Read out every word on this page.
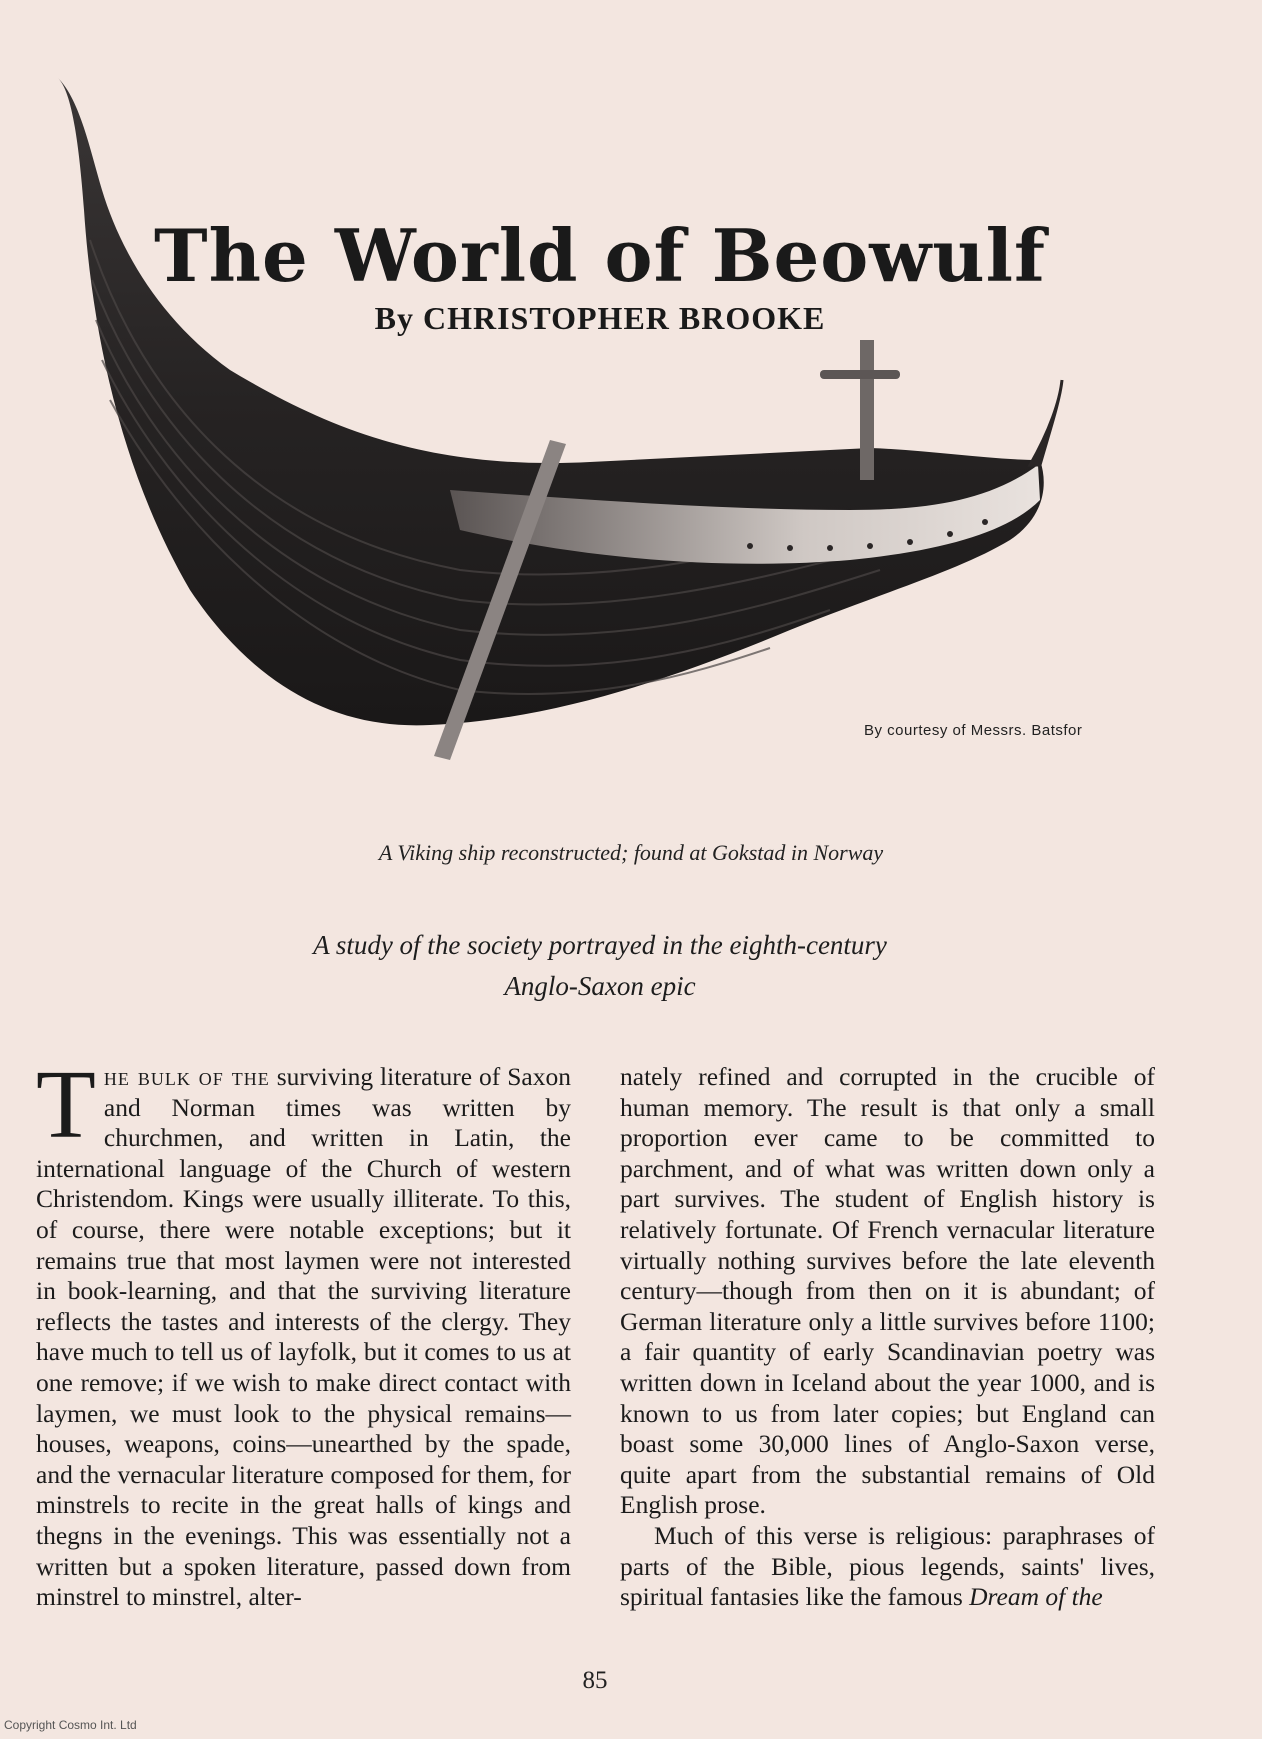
The World of Beowulf
By CHRISTOPHER BROOKE
By courtesy of Messrs. Batsfor
A Viking ship reconstructed; found at Gokstad in Norway
A study of the society portrayed in the eighth-century
Anglo-Saxon epic

The bulk of the surviving literature of Saxon and Norman times was written by churchmen, and written in Latin, the international language of the Church of western Christendom. Kings were usually illiterate. To this, of course, there were notable exceptions; but it remains true that most laymen were not interested in book-learning, and that the surviving literature reflects the tastes and interests of the clergy. They have much to tell us of layfolk, but it comes to us at one remove; if we wish to make direct contact with laymen, we must look to the physical remains—houses, weapons, coins—unearthed by the spade, and the vernacular literature composed for them, for minstrels to recite in the great halls of kings and thegns in the evenings. This was essentially not a written but a spoken literature, passed down from minstrel to minstrel, alter-

nately refined and corrupted in the crucible of human memory. The result is that only a small proportion ever came to be committed to parchment, and of what was written down only a part survives. The student of English history is relatively fortunate. Of French vernacular literature virtually nothing survives before the late eleventh century—though from then on it is abundant; of German literature only a little survives before 1100; a fair quantity of early Scandinavian poetry was written down in Iceland about the year 1000, and is known to us from later copies; but England can boast some 30,000 lines of Anglo-Saxon verse, quite apart from the substantial remains of Old English prose.

Much of this verse is religious: paraphrases of parts of the Bible, pious legends, saints' lives, spiritual fantasies like the famous Dream of the

85
Copyright Cosmo Int. Ltd
